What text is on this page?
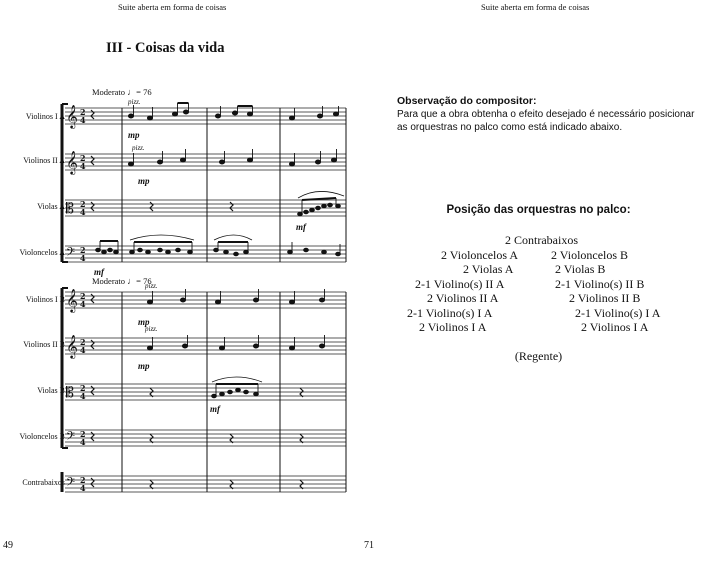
Suite aberta em forma de coisas
III - Coisas da vida
Moderato ♩= 76
Moderato ♩= 76
pizz.
pizz.
pizz.
pizz.
mp
mp
mf
mf
mp
mp
mf
Violinos I A
Violinos II A
Violas A
Violoncelos A
Violinos I B
Violinos II B
Violas B
Violoncelos B
Contrabaixos
𝄞
𝄞
𝄡
𝄢
𝄞
𝄞
𝄡
𝄢
𝄢
2
4
2
4
2
4
2
4
2
4
2
4
2
4
2
4
2
4
49
Suite aberta em forma de coisas
Observação do compositor:
Para que a obra obtenha o efeito desejado é necessário posicionar as orquestras no palco como está indicado abaixo.
Posição das orquestras no palco:
2 Contrabaixos
2 Violoncelos A	2 Violoncelos B
2 Violas A	2 Violas B
2-1 Violino(s) II A	2-1 Violino(s) II B
2 Violinos II A	2 Violinos II B
2-1 Violino(s) I A	2-1 Violino(s) I A
2 Violinos I A	2 Violinos I A
(Regente)
71
